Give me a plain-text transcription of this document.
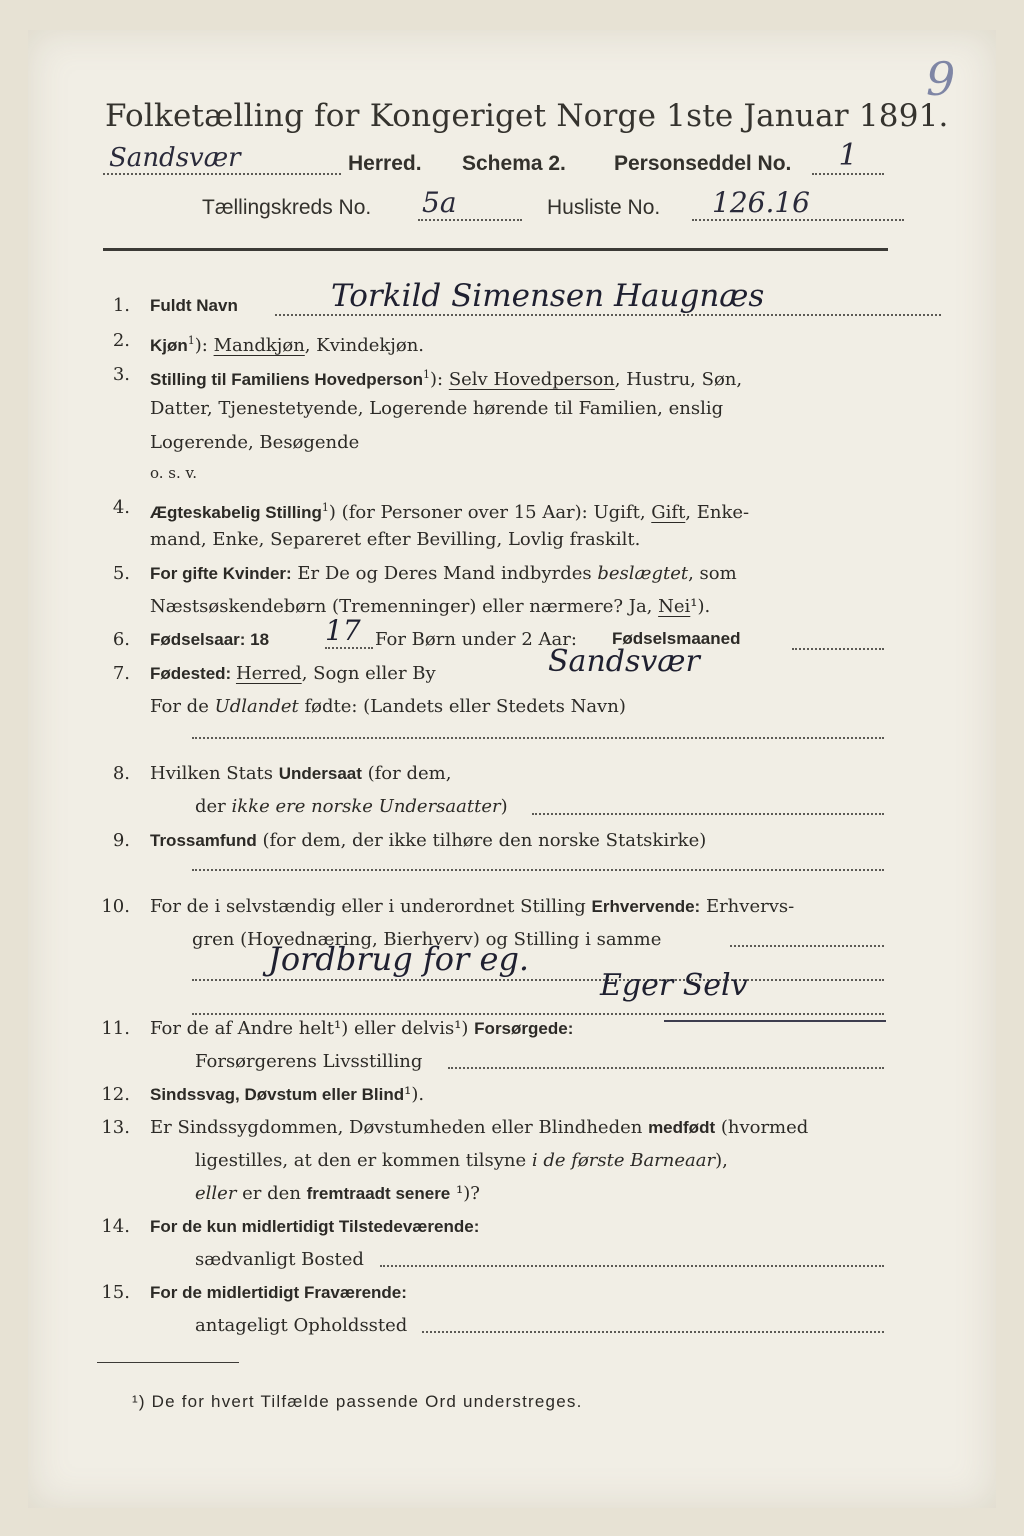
9
Folketælling for Kongeriget Norge 1ste Januar 1891.
Sandsvær	Herred. Schema 2. Personseddel No.	1
Tællingskreds No. 5a	Husliste No.	126.16
1. Fuldt Navn	Torkild Simensen Haugnæs
2. Kjøn$^1$): Mandkjøn, Kvindekjøn.
3. Stilling til Familiens Hovedperson$^1$): Selv Hovedperson, Hustru, Søn,
Datter, Tjenestetyende, Logerende hørende til Familien, enslig
Logerende, Besøgende
o. s. v.
4. Ægteskabelig Stilling$^1$) (for Personer over 15 Aar): Ugift, Gift, Enke-
mand, Enke, Separeret efter Bevilling, Lovlig fraskilt.
5. For gifte Kvinder: Er De og Deres Mand indbyrdes beslægtet, som
Næstsøskendebørn (Tremenninger) eller nærmere? Ja, Nei¹).
6. Fødselsaar: 18 17 For Børn under 2 Aar: Fødselsmaaned
7. Fødested: Herred, Sogn eller By	Sandsvær
For de Udlandet fødte: (Landets eller Stedets Navn)
8. Hvilken Stats Undersaat (for dem,
der ikke ere norske Undersaatter)
9. Trossamfund (for dem, der ikke tilhøre den norske Statskirke)
10. For de i selvstændig eller i underordnet Stilling Erhvervende: Erhvervs-
gren (Hovednæring, Bierhverv) og Stilling i samme
Jordbrug for eg.
Eger Selv
11. For de af Andre helt¹) eller delvis¹) Forsørgede:
Forsørgerens Livsstilling
12. Sindssvag, Døvstum eller Blind¹).
13. Er Sindssygdommen, Døvstumheden eller Blindheden medfødt (hvormed
ligestilles, at den er kommen tilsyne i de første Barneaar),
eller er den fremtraadt senere ¹)?
14. For de kun midlertidigt Tilstedeværende:
sædvanligt Bosted
15. For de midlertidigt Fraværende:
antageligt Opholdssted
¹) De for hvert Tilfælde passende Ord understreges.
